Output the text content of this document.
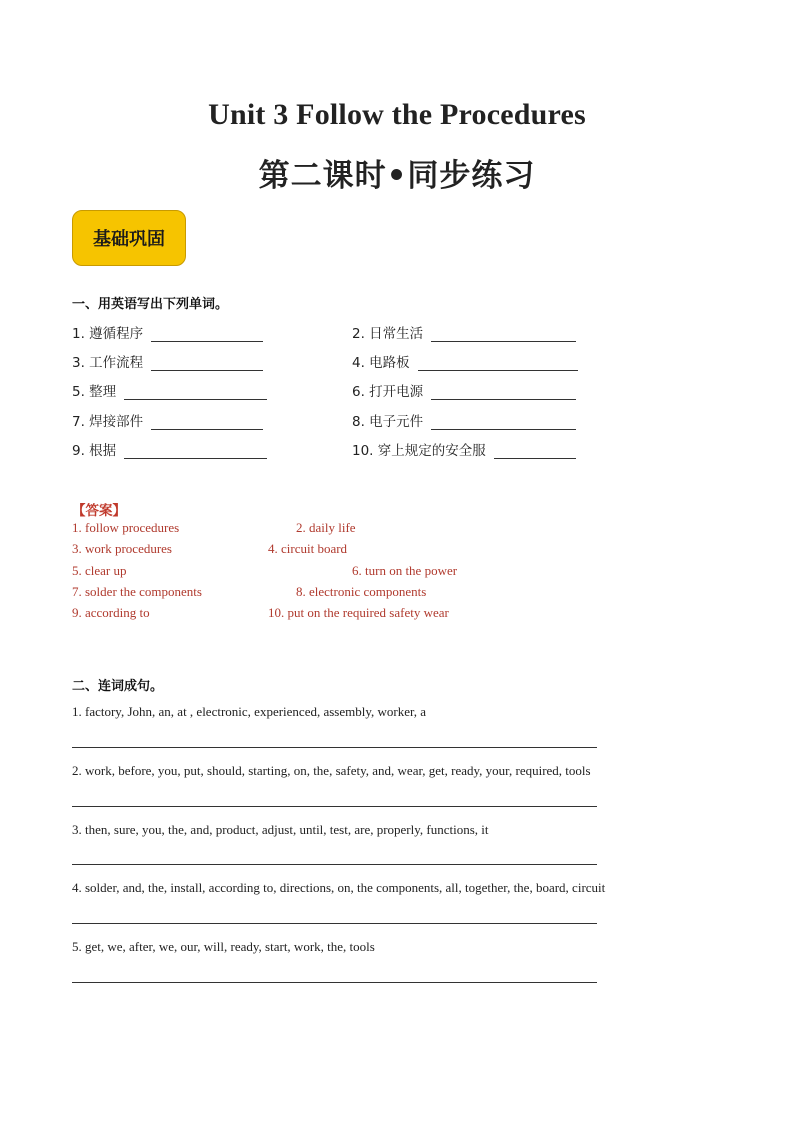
Unit 3 Follow the Procedures
第二课时•同步练习
基础巩固
一、用英语写出下列单词。
1. 遵循程序	2. 日常生活
3. 工作流程	4. 电路板
5. 整理	6. 打开电源
7. 焊接部件	8. 电子元件
9. 根据	10. 穿上规定的安全服
【答案】
1. follow procedures	2. daily life
3. work procedures	4. circuit board
5. clear up	6. turn on the power
7. solder the components	8. electronic components
9. according to	10. put on the required safety wear
二、连词成句。
1. factory, John, an, at , electronic, experienced, assembly, worker, a
2. work, before, you, put, should, starting, on, the, safety, and, wear, get, ready, your, required, tools
3. then, sure, you, the, and, product, adjust, until, test, are, properly, functions, it
4. solder, and, the, install, according to, directions, on, the components, all, together, the, board, circuit
5. get, we, after, we, our, will, ready, start, work, the, tools
